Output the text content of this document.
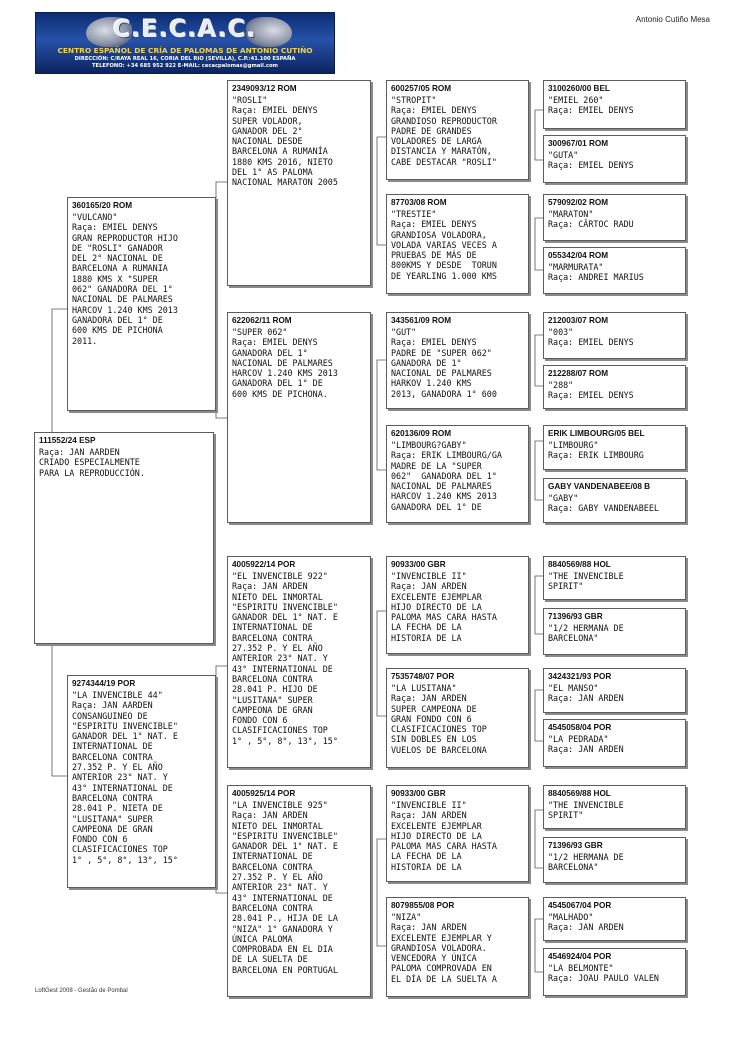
C.E.C.A.C.
CENTRO ESPAÑOL DE CRÍA DE PALOMAS DE ANTONIO CUTIÑO
DIRECCIÓN: C/RAYA REAL 16, CORIA DEL RIO (SEVILLA), C.P.:41.100 ESPAÑA
TELEFONO: +34 685 952 922 E-MAIL: cecacpalomas@gmail.com
Antonio Cutiño Mesa
111552/24 ESP
Raça: JAN AARDEN
CRIADO ESPECIALMENTE
PARA LA REPRODUCCIÓN.
360165/20 ROM
"VULCANO"
Raça: EMIEL DENYS
GRAN REPRODUCTOR HIJO
DE "ROSLI" GANADOR
DEL 2° NACIONAL DE
BARCELONA A RUMANIA
1880 KMS X "SUPER
062" GANADORA DEL 1°
NACIONAL DE PALMARES
HARCOV 1.240 KMS 2013
GANADORA DEL 1° DE
600 KMS DE PICHONA
2011.
9274344/19 POR
"LA INVENCIBLE 44"
Raça: JAN AARDEN
CONSANGUINEO DE
"ESPIRITU INVENCIBLE"
GANADOR DEL 1° NAT. E
INTERNATIONAL DE
BARCELONA CONTRA
27.352 P. Y EL AÑO
ANTERIOR 23° NAT. Y
43° INTERNATIONAL DE
BARCELONA CONTRA
28.041 P. NIETA DE
"LUSITANA" SUPER
CAMPEONA DE GRAN
FONDO CON 6
CLASIFICACIONES TOP
1° , 5°, 8°, 13°, 15°
2349093/12 ROM
"ROSLI"
Raça: EMIEL DENYS
SUPER VOLADOR,
GANADOR DEL 2°
NACIONAL DESDE
BARCELONA A RUMANÍA
1880 KMS 2016, NIETO
DEL 1° AS PALOMA
NACIONAL MARATON 2005
622062/11 ROM
"SUPER 062"
Raça: EMIEL DENYS
GANADORA DEL 1°
NACIONAL DE PALMARES
HARCOV 1.240 KMS 2013
GANADORA DEL 1° DE
600 KMS DE PICHONA.
4005922/14 POR
"EL INVENCIBLE 922"
Raça: JAN ARDEN
NIETO DEL INMORTAL
"ESPIRITU INVENCIBLE"
GANADOR DEL 1° NAT. E
INTERNATIONAL DE
BARCELONA CONTRA
27.352 P. Y EL AÑO
ANTERIOR 23° NAT. Y
43° INTERNATIONAL DE
BARCELONA CONTRA
28.041 P. HIJO DE
"LUSITANA" SUPER
CAMPEONA DE GRAN
FONDO CON 6
CLASIFICACIONES TOP
1° , 5°, 8°, 13°, 15°
4005925/14 POR
"LA INVENCIBLE 925"
Raça: JAN ARDEN
NIETO DEL INMORTAL
"ESPIRITU INVENCIBLE"
GANADOR DEL 1° NAT. E
INTERNATIONAL DE
BARCELONA CONTRA
27.352 P. Y EL AÑO
ANTERIOR 23° NAT. Y
43° INTERNATIONAL DE
BARCELONA CONTRA
28.041 P., HIJA DE LA
"NIZA" 1° GANADORA Y
ÚNICA PALOMA
COMPROBADA EN EL DIA
DE LA SUELTA DE
BARCELONA EN PORTUGAL
600257/05 ROM
"STROPIT"
Raça: EMIEL DENYS
GRANDIOSO REPRODUCTOR
PADRE DE GRANDES
VOLADORES DE LARGA
DISTANCIA Y MARATÓN,
CABE DESTACAR "ROSLI"
87703/08 ROM
"TRESTIE"
Raça: EMIEL DENYS
GRANDIOSA VOLADORA,
VOLADA VARIAS VECES A
PRUEBAS DE MÁS DE
800KMS Y DESDE  TORUN
DE YEARLING 1.000 KMS
343561/09 ROM
"GUT"
Raça: EMIEL DENYS
PADRE DE "SUPER 062"
GANADORA DE 1°
NACIONAL DE PALMARES
HARKOV 1.240 KMS
2013, GANADORA 1° 600
620136/09 ROM
"LIMBOURG?GABY"
Raça: ERIK LIMBOURG/GA
MADRE DE LA "SUPER
062"  GANADORA DEL 1°
NACIONAL DE PALMARES
HARCOV 1.240 KMS 2013
GANADORA DEL 1° DE
90933/00 GBR
"INVENCIBLE II"
Raça: JAN ARDEN
EXCELENTE EJEMPLAR
HIJO DIRECTO DE LA
PALOMA MAS CARA HASTA
LA FECHA DE LA
HISTORIA DE LA
7535748/07 POR
"LA LUSITANA"
Raça: JAN ARDEN
SUPER CAMPEONA DE
GRAN FONDO CON 6
CLASIFICACIONES TOP
SIN DOBLES EN LOS
VUELOS DE BARCELONA
90933/00 GBR
"INVENCIBLE II"
Raça: JAN ARDEN
EXCELENTE EJEMPLAR
HIJO DIRECTO DE LA
PALOMA MAS CARA HASTA
LA FECHA DE LA
HISTORIA DE LA
8079855/08 POR
"NIZA"
Raça: JAN ARDEN
EXCELENTE EJEMPLAR Y
GRANDIOSA VOLADORA.
VENCEDORA Y ÚNICA
PALOMA COMPROVADA EN
EL DÍA DE LA SUELTA A
3100260/00 BEL
"EMIEL 260"
Raça: EMIEL DENYS
300967/01 ROM
"GUTA"
Raça: EMIEL DENYS
579092/02 ROM
"MARATON"
Raça: CÂRTOC RADU
055342/04 ROM
"MARMURATA"
Raça: ANDREI MARIUS
212003/07 ROM
"003"
Raça: EMIEL DENYS
212288/07 ROM
"288"
Raça: EMIEL DENYS
ERIK LIMBOURG/05 BEL
"LIMBOURG"
Raça: ERIK LIMBOURG
GABY VANDENABEE/08 B
"GABY"
Raça: GABY VANDENABEEL
8840569/88 HOL
"THE INVENCIBLE
SPIRIT"
71396/93 GBR
"1/2 HERMANA DE
BARCELONA"
3424321/93 POR
"EL MANSO"
Raça: JAN ARDEN
4545058/04 POR
"LA PEDRADA"
Raça: JAN ARDEN
8840569/88 HOL
"THE INVENCIBLE
SPIRIT"
71396/93 GBR
"1/2 HERMANA DE
BARCELONA"
4545067/04 POR
"MALHADO"
Raça: JAN ARDEN
4546924/04 POR
"LA BELMONTE"
Raça: JOAU PAULO VALEN
LoftGest 2008 - Gestão de Pombal
